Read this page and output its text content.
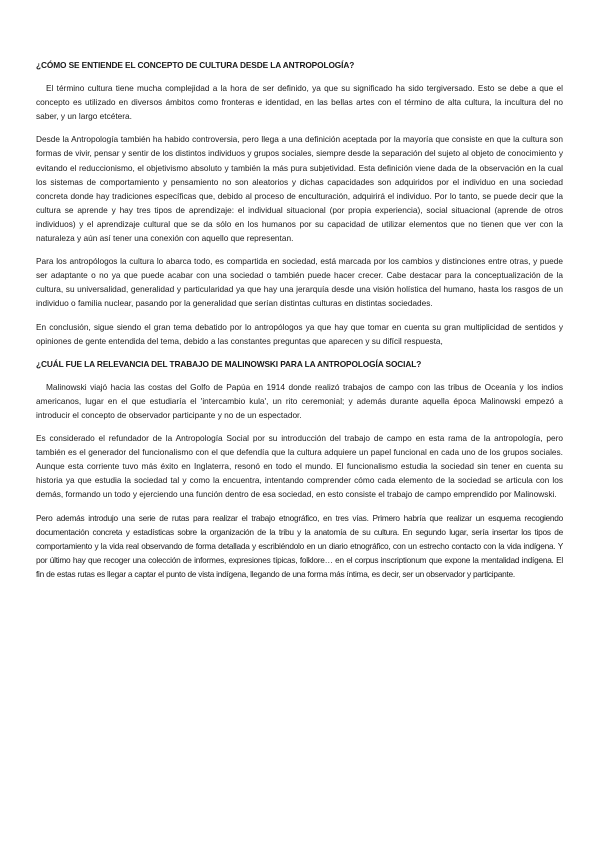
¿CÓMO SE ENTIENDE EL CONCEPTO DE CULTURA DESDE LA ANTROPOLOGÍA?

El término cultura tiene mucha complejidad a la hora de ser definido, ya que su significado ha sido tergiversado. Esto se debe a que el concepto es utilizado en diversos ámbitos como fronteras e identidad, en las bellas artes con el término de alta cultura, la incultura del no saber, y un largo etcétera.

Desde la Antropología también ha habido controversia, pero llega a una definición aceptada por la mayoría que consiste en que la cultura son formas de vivir, pensar y sentir de los distintos individuos y grupos sociales, siempre desde la separación del sujeto al objeto de conocimiento y evitando el reduccionismo, el objetivismo absoluto y también la más pura subjetividad. Esta definición viene dada de la observación en la cual los sistemas de comportamiento y pensamiento no son aleatorios y dichas capacidades son adquiridos por el individuo en una sociedad concreta donde hay tradiciones específicas que, debido al proceso de enculturación, adquirirá el individuo. Por lo tanto, se puede decir que la cultura se aprende y hay tres tipos de aprendizaje: el individual situacional (por propia experiencia), social situacional (aprende de otros individuos) y el aprendizaje cultural que se da sólo en los humanos por su capacidad de utilizar elementos que no tienen que ver con la naturaleza y aún así tener una conexión con aquello que representan.

Para los antropólogos la cultura lo abarca todo, es compartida en sociedad, está marcada por los cambios y distinciones entre otras, y puede ser adaptante o no ya que puede acabar con una sociedad o también puede hacer crecer. Cabe destacar para la conceptualización de la cultura, su universalidad, generalidad y particularidad ya que hay una jerarquía desde una visión holística del humano, hasta los rasgos de un individuo o familia nuclear, pasando por la generalidad que serían distintas culturas en distintas sociedades.

En conclusión, sigue siendo el gran tema debatido por lo antropólogos ya que hay que tomar en cuenta su gran multiplicidad de sentidos y opiniones de gente entendida del tema, debido a las constantes preguntas que aparecen y su difícil respuesta,

¿CUÁL FUE LA RELEVANCIA DEL TRABAJO DE MALINOWSKI PARA LA ANTROPOLOGÍA SOCIAL?

Malinowski viajó hacia las costas del Golfo de Papúa en 1914 donde realizó trabajos de campo con las tribus de Oceanía y los indios americanos, lugar en el que estudiaría el 'intercambio kula', un rito ceremonial; y además durante aquella época Malinowski empezó a introducir el concepto de observador participante y no de un espectador.

Es considerado el refundador de la Antropología Social por su introducción del trabajo de campo en esta rama de la antropología, pero también es el generador del funcionalismo con el que defendía que la cultura adquiere un papel funcional en cada uno de los grupos sociales. Aunque esta corriente tuvo más éxito en Inglaterra, resonó en todo el mundo. El funcionalismo estudia la sociedad sin tener en cuenta su historia ya que estudia la sociedad tal y como la encuentra, intentando comprender cómo cada elemento de la sociedad se articula con los demás, formando un todo y ejerciendo una función dentro de esa sociedad, en esto consiste el trabajo de campo emprendido por Malinowski.

Pero además introdujo una serie de rutas para realizar el trabajo etnográfico, en tres vías. Primero habría que realizar un esquema recogiendo documentación concreta y estadísticas sobre la organización de la tribu y la anatomía de su cultura. En segundo lugar, sería insertar los tipos de comportamiento y la vida real observando de forma detallada y escribiéndolo en un diario etnográfico, con un estrecho contacto con la vida indígena. Y por último hay que recoger una colección de informes, expresiones típicas, folklore… en el corpus inscriptionum que expone la mentalidad indígena. El fin de estas rutas es llegar a captar el punto de vista indígena, llegando de una forma más íntima, es decir, ser un observador y participante.
